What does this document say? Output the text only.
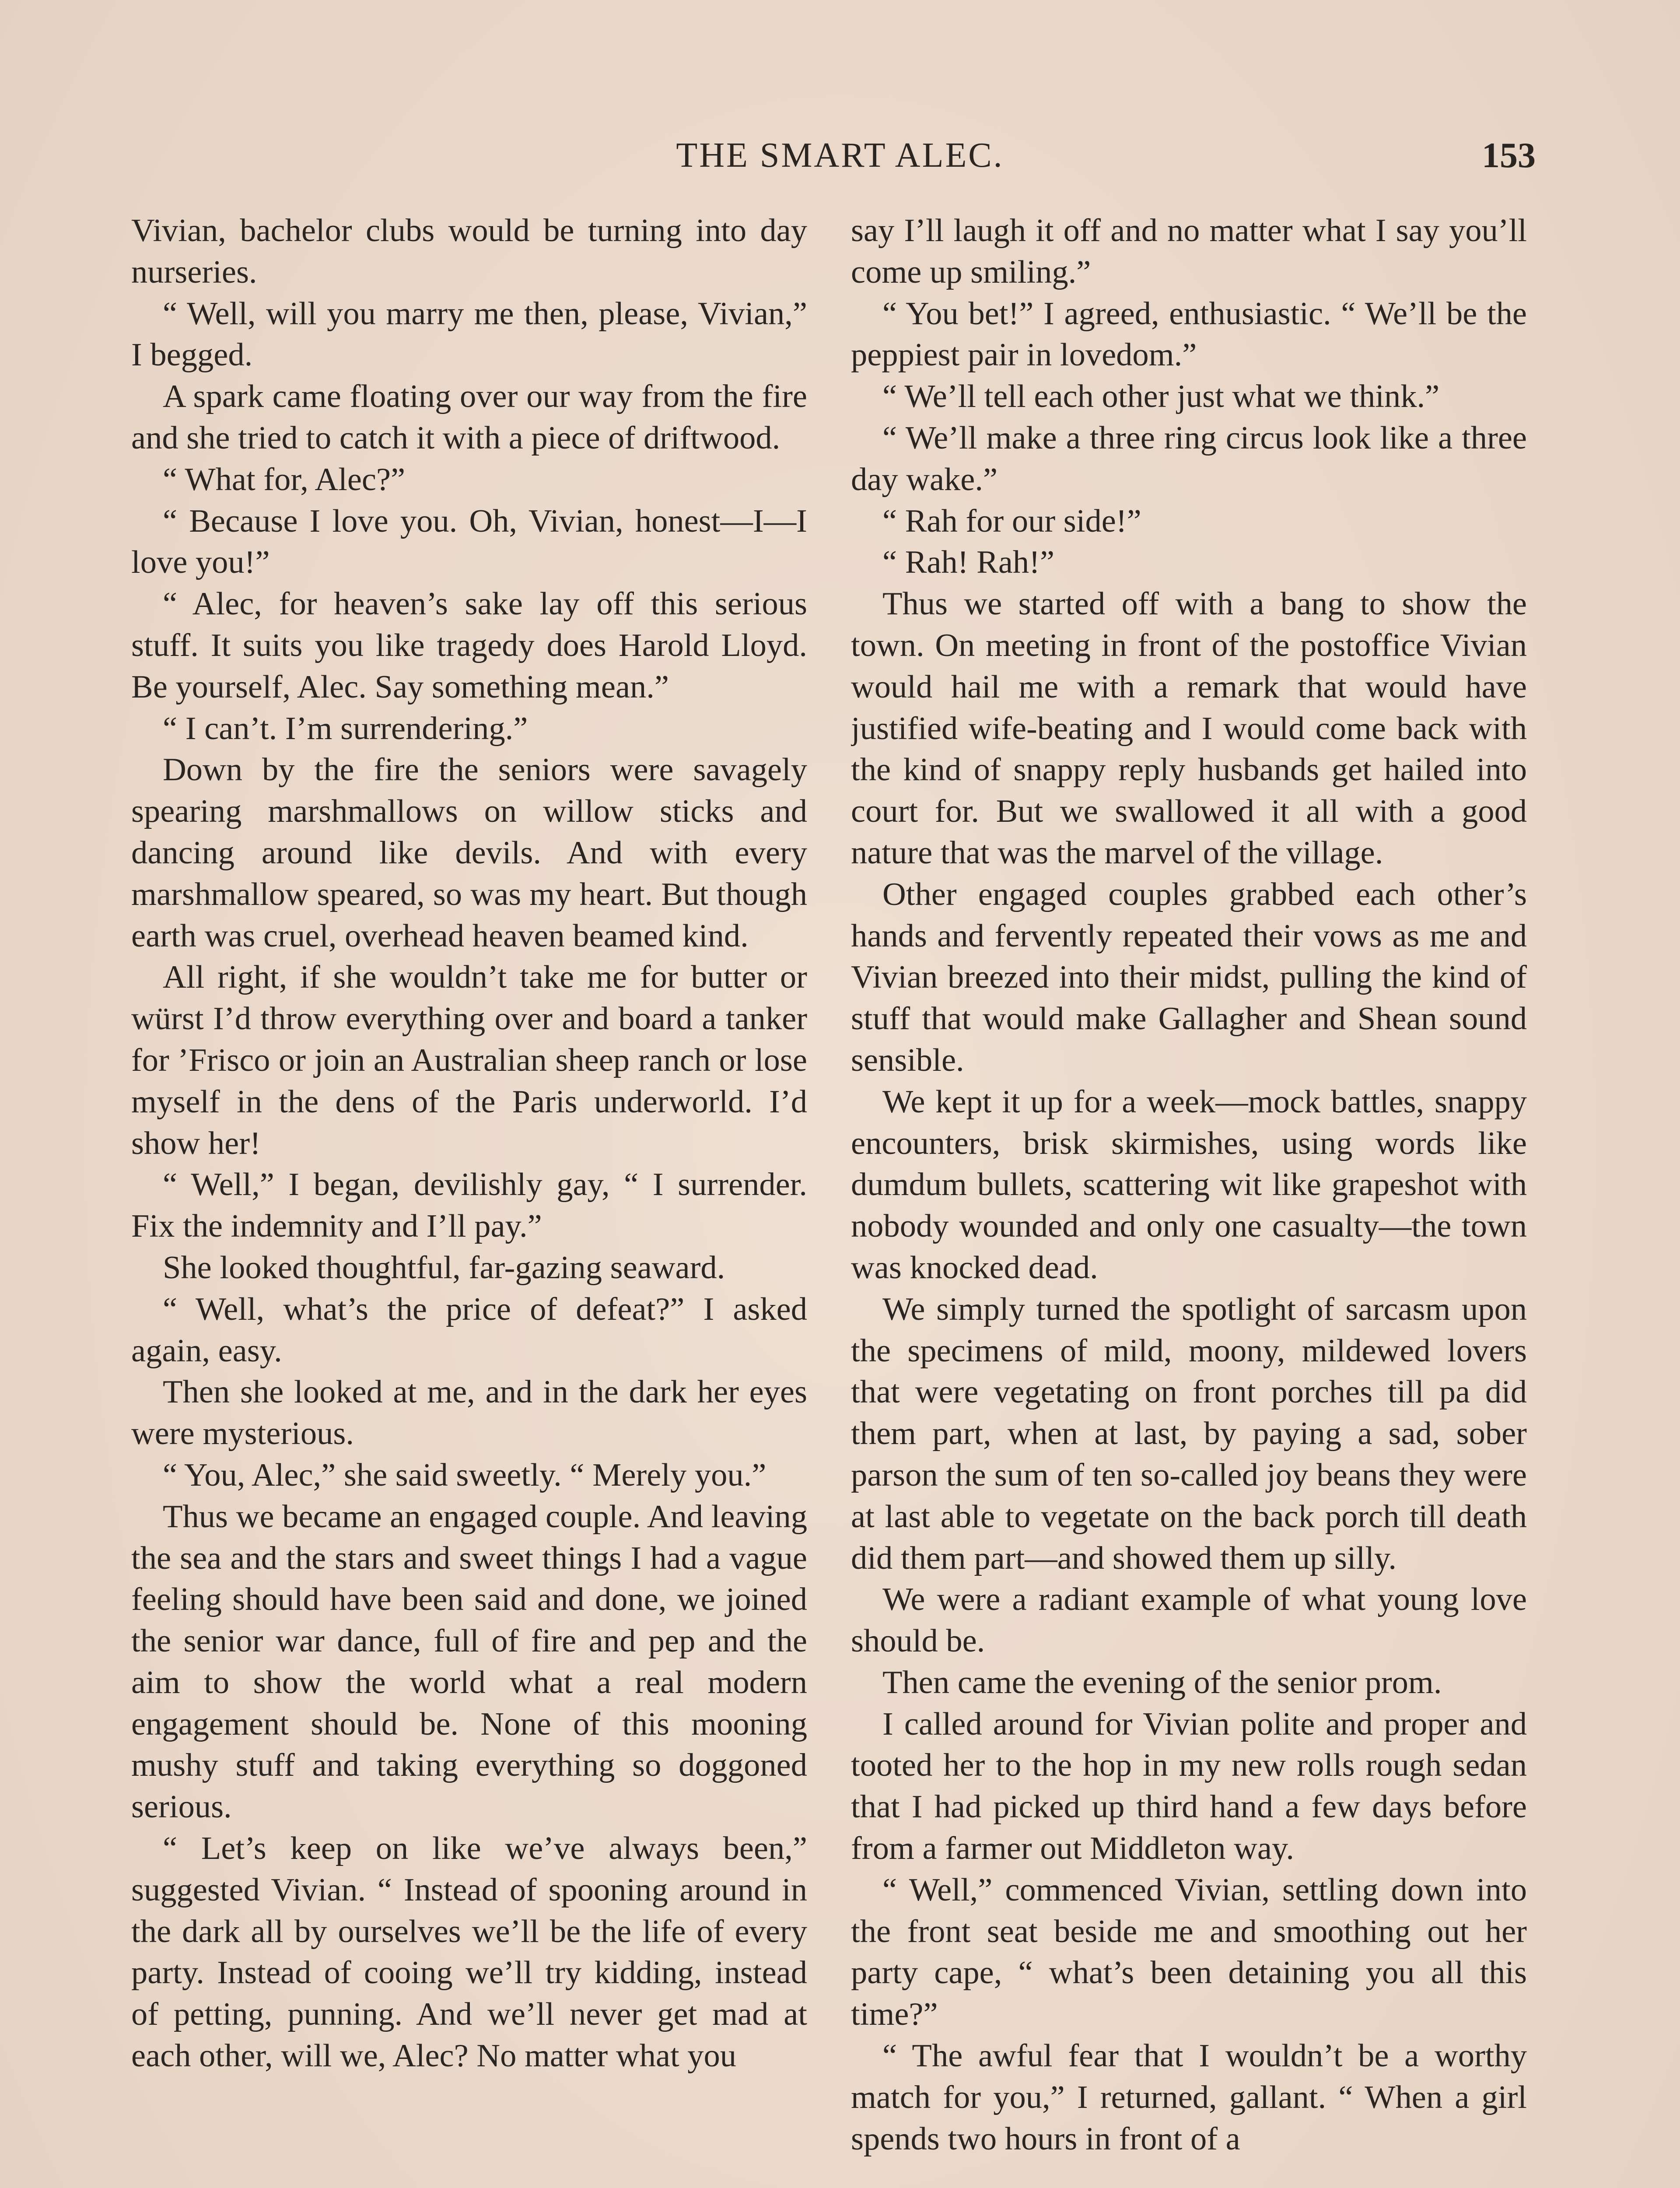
THE SMART ALEC.	153

Vivian, bachelor clubs would be turning into day nurseries.

“ Well, will you marry me then, please, Vivian,” I begged.

A spark came floating over our way from the fire and she tried to catch it with a piece of driftwood.

“ What for, Alec?”

“ Because I love you. Oh, Vivian, honest—I—I love you!”

“ Alec, for heaven’s sake lay off this serious stuff. It suits you like tragedy does Harold Lloyd. Be yourself, Alec. Say something mean.”

“ I can’t. I’m surrendering.”

Down by the fire the seniors were savagely spearing marshmallows on willow sticks and dancing around like devils. And with every marshmallow speared, so was my heart. But though earth was cruel, overhead heaven beamed kind.

All right, if she wouldn’t take me for butter or würst I’d throw everything over and board a tanker for ’Frisco or join an Australian sheep ranch or lose myself in the dens of the Paris underworld. I’d show her!

“ Well,” I began, devilishly gay, “ I surrender. Fix the indemnity and I’ll pay.”

She looked thoughtful, far-gazing seaward.

“ Well, what’s the price of defeat?” I asked again, easy.

Then she looked at me, and in the dark her eyes were mysterious.

“ You, Alec,” she said sweetly. “ Merely you.”

Thus we became an engaged couple. And leaving the sea and the stars and sweet things I had a vague feeling should have been said and done, we joined the senior war dance, full of fire and pep and the aim to show the world what a real modern engagement should be. None of this mooning mushy stuff and taking everything so doggoned serious.

“ Let’s keep on like we’ve always been,” suggested Vivian. “ Instead of spooning around in the dark all by ourselves we’ll be the life of every party. Instead of cooing we’ll try kidding, instead of petting, punning. And we’ll never get mad at each other, will we, Alec? No matter what you

say I’ll laugh it off and no matter what I say you’ll come up smiling.”

“ You bet!” I agreed, enthusiastic. “ We’ll be the peppiest pair in lovedom.”

“ We’ll tell each other just what we think.”

“ We’ll make a three ring circus look like a three day wake.”

“ Rah for our side!”

“ Rah! Rah!”

Thus we started off with a bang to show the town. On meeting in front of the postoffice Vivian would hail me with a remark that would have justified wife-beating and I would come back with the kind of snappy reply husbands get hailed into court for. But we swallowed it all with a good nature that was the marvel of the village.

Other engaged couples grabbed each other’s hands and fervently repeated their vows as me and Vivian breezed into their midst, pulling the kind of stuff that would make Gallagher and Shean sound sensible.

We kept it up for a week—mock battles, snappy encounters, brisk skirmishes, using words like dumdum bullets, scattering wit like grapeshot with nobody wounded and only one casualty—the town was knocked dead.

We simply turned the spotlight of sarcasm upon the specimens of mild, moony, mildewed lovers that were vegetating on front porches till pa did them part, when at last, by paying a sad, sober parson the sum of ten so-called joy beans they were at last able to vegetate on the back porch till death did them part—and showed them up silly.

We were a radiant example of what young love should be.

Then came the evening of the senior prom.

I called around for Vivian polite and proper and tooted her to the hop in my new rolls rough sedan that I had picked up third hand a few days before from a farmer out Middleton way.

“ Well,” commenced Vivian, settling down into the front seat beside me and smoothing out her party cape, “ what’s been detaining you all this time?”

“ The awful fear that I wouldn’t be a worthy match for you,” I returned, gallant. “ When a girl spends two hours in front of a
